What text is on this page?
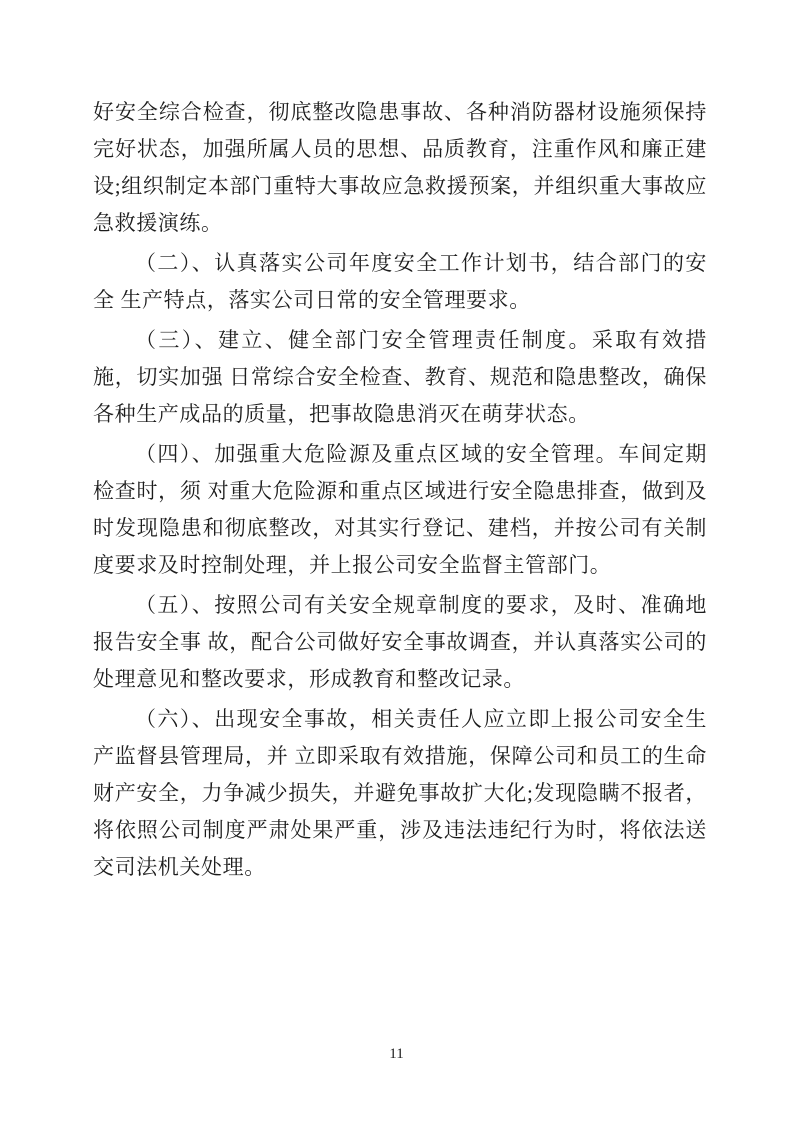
好安全综合检查，彻底整改隐患事故、各种消防器材设施须保持完好状态，加强所属人员的思想、品质教育，注重作风和廉正建设;组织制定本部门重特大事故应急救援预案，并组织重大事故应急救援演练。

（二）、认真落实公司年度安全工作计划书，结合部门的安全 生产特点，落实公司日常的安全管理要求。

（三）、建立、健全部门安全管理责任制度。采取有效措施，切实加强 日常综合安全检查、教育、规范和隐患整改，确保各种生产成品的质量，把事故隐患消灭在萌芽状态。

（四）、加强重大危险源及重点区域的安全管理。车间定期检查时，须 对重大危险源和重点区域进行安全隐患排查，做到及时发现隐患和彻底整改，对其实行登记、建档，并按公司有关制度要求及时控制处理，并上报公司安全监督主管部门。

（五）、按照公司有关安全规章制度的要求，及时、准确地报告安全事 故，配合公司做好安全事故调查，并认真落实公司的处理意见和整改要求，形成教育和整改记录。

（六）、出现安全事故，相关责任人应立即上报公司安全生产监督县管理局，并 立即采取有效措施，保障公司和员工的生命财产安全，力争减少损失，并避免事故扩大化;发现隐瞒不报者，将依照公司制度严肃处果严重，涉及违法违纪行为时，将依法送交司法机关处理。

11
